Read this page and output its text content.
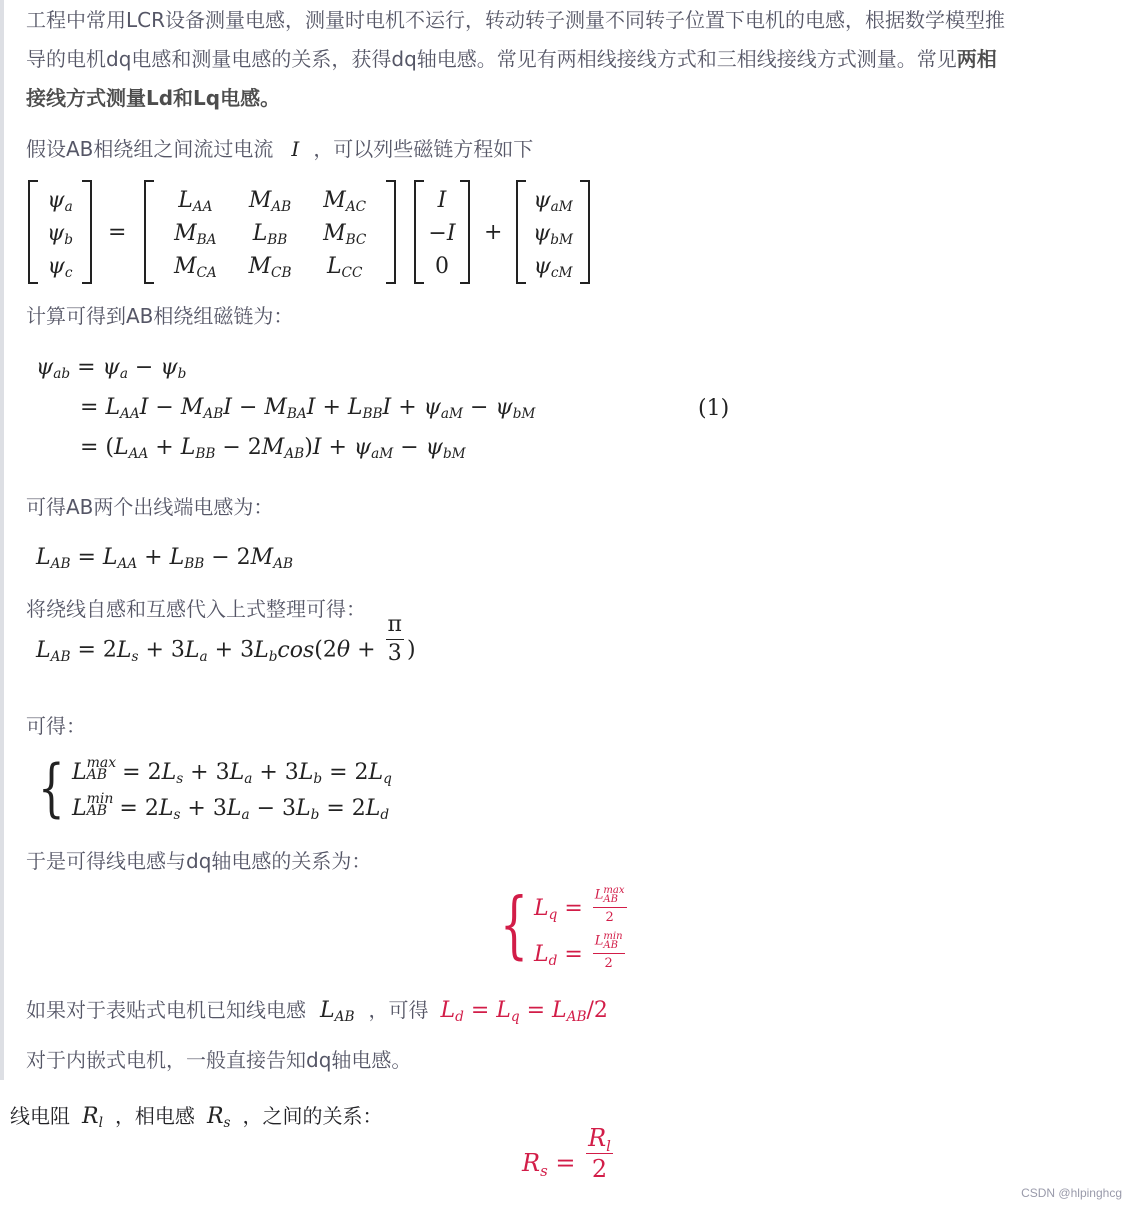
工程中常用LCR设备测量电感，测量时电机不运行，转动转子测量不同转子位置下电机的电感，根据数学模型推
导的电机dq电感和测量电感的关系，获得dq轴电感。常见有两相线接线方式和三相线接线方式测量。常见两相
接线方式测量Ld和Lq电感。
假设AB相绕组之间流过电流 I ，可以列些磁链方程如下
ψa
ψb
ψc
=
LAA	MAB	MAC
MBA	LBB	MBC
MCA	MCB	LCC
I
−I
0
+
ψaM
ψbM
ψcM
计算可得到AB相绕组磁链为：
ψab = ψa − ψb
= LAAI − MABI − MBAI + LBBI + ψaM − ψbM
= (LAA + LBB − 2MAB)I + ψaM − ψbM
(1)
可得AB两个出线端电感为：
LAB = LAA + LBB − 2MAB
将绕线自感和互感代入上式整理可得：
LAB = $2Ls + 3La + 3Lbcos(2\theta + \frac{\pi}{3}$ )
可得：
{ L max
AB = 2Ls + 3La + 3Lb = 2Lq
L min
AB = 2Ls + 3La − 3Lb = 2Ld
于是可得线电感与dq轴电感的关系为：
{ Lq = L max
AB
2
Ld = L min
AB
2
如果对于表贴式电机已知线电感 LAB ，可得 Ld = Lq = LAB/2
对于内嵌式电机，一般直接告知dq轴电感。
线电阻 Rl ，相电感 Rs ，之间的关系：
$Rs = \frac{Rl}{2}$
CSDN @hlpinghcg
